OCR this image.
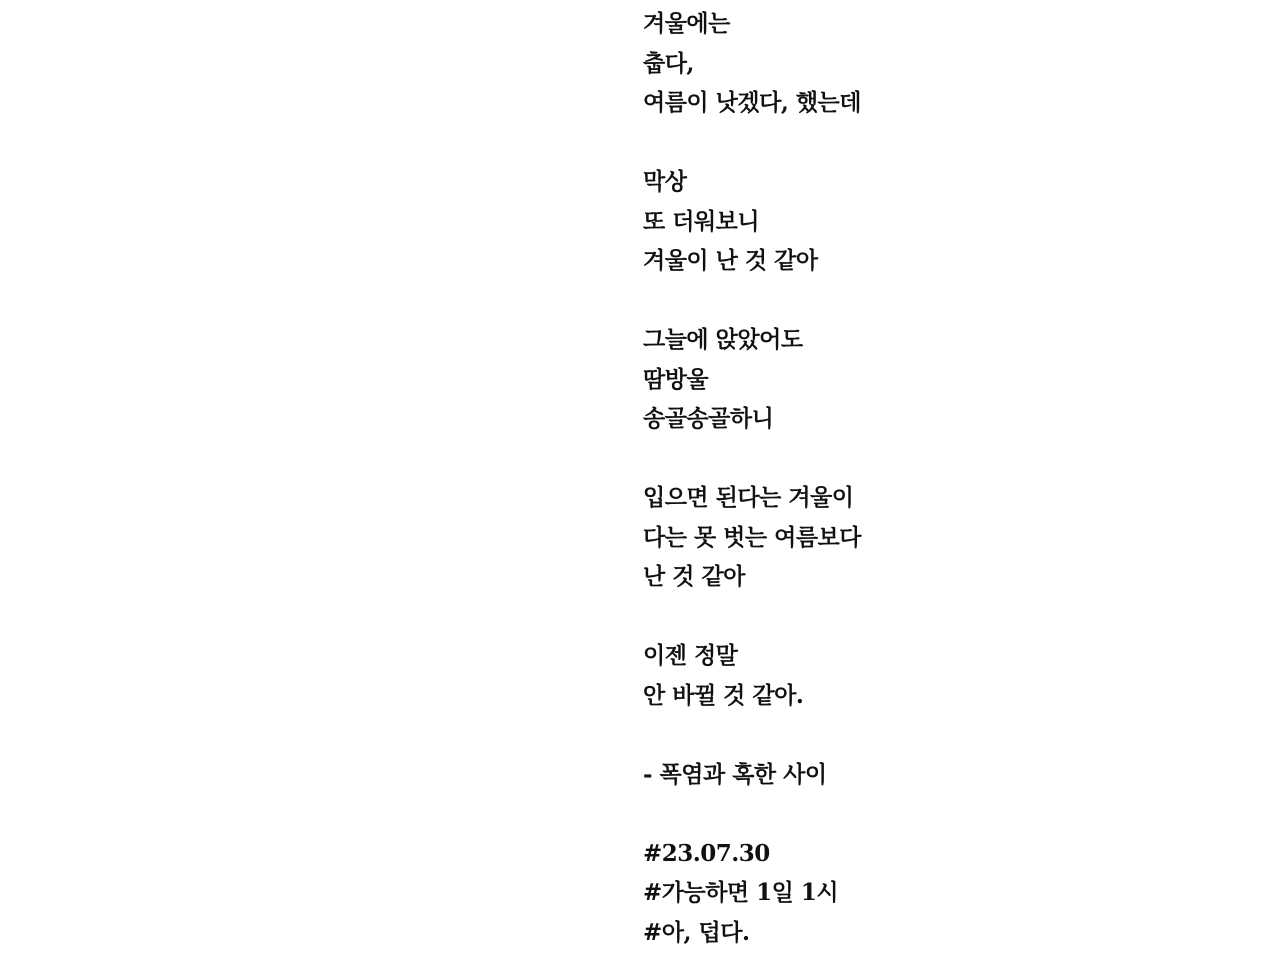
겨울에는
춥다,
여름이 낫겠다, 했는데
막상
또 더워보니
겨울이 난 것 같아
그늘에 앉았어도
땀방울
송골송골하니
입으면 된다는 겨울이
다는 못 벗는 여름보다
난 것 같아
이젠 정말
안 바뀔 것 같아.
- 폭염과 혹한 사이
#23.07.30
#가능하면 1일 1시
#아, 덥다.
